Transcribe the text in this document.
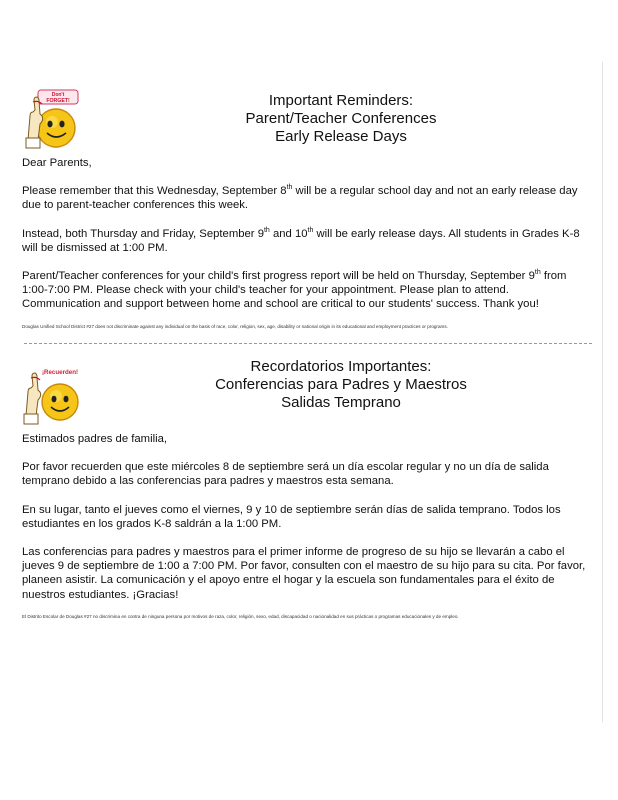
Don't
FORGET!	Important Reminders:
Parent/Teacher Conferences
Early Release Days

Dear Parents,

Please remember that this Wednesday, September 8th will be a regular school day and not an early release day due to parent-teacher conferences this week.

Instead, both Thursday and Friday, September 9th and 10th will be early release days. All students in Grades K-8 will be dismissed at 1:00 PM.

Parent/Teacher conferences for your child's first progress report will be held on Thursday, September 9th from 1:00-7:00 PM. Please check with your child's teacher for your appointment. Please plan to attend. Communication and support between home and school are critical to our students' success. Thank you!

Douglas Unified School District #27 does not discriminate against any individual on the basis of race, color, religion, sex, age, disability or national origin in its educational and employment practices or programs.

¡Recuerden!	Recordatorios Importantes:
Conferencias para Padres y Maestros
Salidas Temprano

Estimados padres de familia,

Por favor recuerden que este miércoles 8 de septiembre será un día escolar regular y no un día de salida temprano debido a las conferencias para padres y maestros esta semana.

En su lugar, tanto el jueves como el viernes, 9 y 10 de septiembre serán días de salida temprano. Todos los estudiantes en los grados K-8 saldrán a la 1:00 PM.

Las conferencias para padres y maestros para el primer informe de progreso de su hijo se llevarán a cabo el jueves 9 de septiembre de 1:00 a 7:00 PM. Por favor, consulten con el maestro de su hijo para su cita. Por favor, planeen asistir. La comunicación y el apoyo entre el hogar y la escuela son fundamentales para el éxito de nuestros estudiantes. ¡Gracias!

El Distrito Escolar de Douglas #27 no discrimina en contra de ninguna persona por motivos de raza, color, religión, sexo, edad, discapacidad o nacionalidad en sus prácticas o programas educacionales y de empleo.
